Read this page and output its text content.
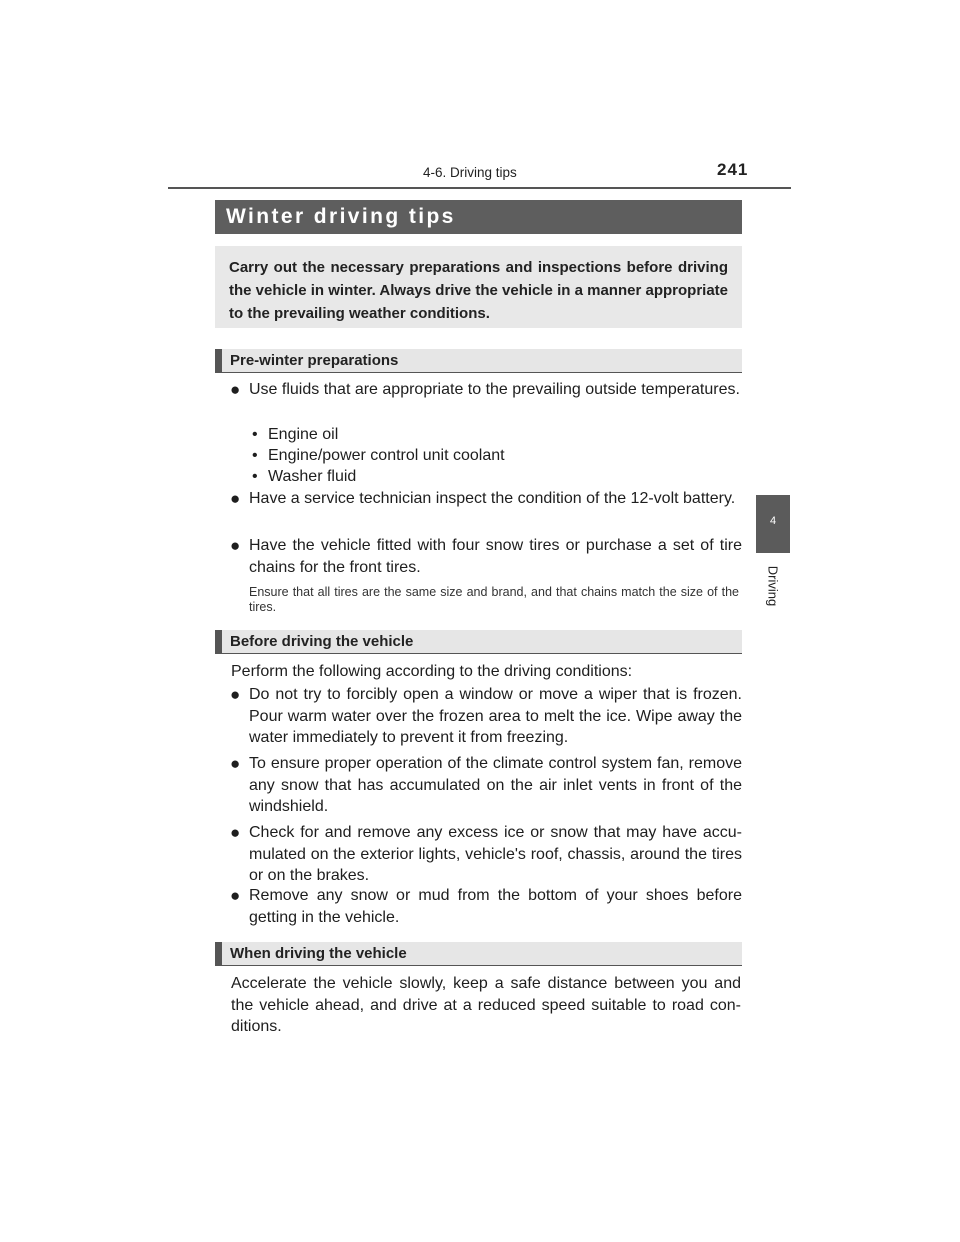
4-6. Driving tips	241
4
Driving
Winter driving tips

Carry out the necessary preparations and inspections before driving the vehicle in winter. Always drive the vehicle in a manner appropriate to the prevailing weather conditions.

Pre-winter preparations
● Use fluids that are appropriate to the prevailing outside temperatures.
• Engine oil
• Engine/power control unit coolant
• Washer fluid
● Have a service technician inspect the condition of the 12-volt battery.
● Have the vehicle fitted with four snow tires or purchase a set of tire chains for the front tires.
Ensure that all tires are the same size and brand, and that chains match the size of the tires.
Before driving the vehicle
Perform the following according to the driving conditions:
● Do not try to forcibly open a window or move a wiper that is frozen. Pour warm water over the frozen area to melt the ice. Wipe away the water immediately to prevent it from freezing.
● To ensure proper operation of the climate control system fan, remove any snow that has accumulated on the air inlet vents in front of the windshield.
● Check for and remove any excess ice or snow that may have accumulated on the exterior lights, vehicle's roof, chassis, around the tires or on the brakes.
● Remove any snow or mud from the bottom of your shoes before getting in the vehicle.
When driving the vehicle
Accelerate the vehicle slowly, keep a safe distance between you and the vehicle ahead, and drive at a reduced speed suitable to road conditions.
